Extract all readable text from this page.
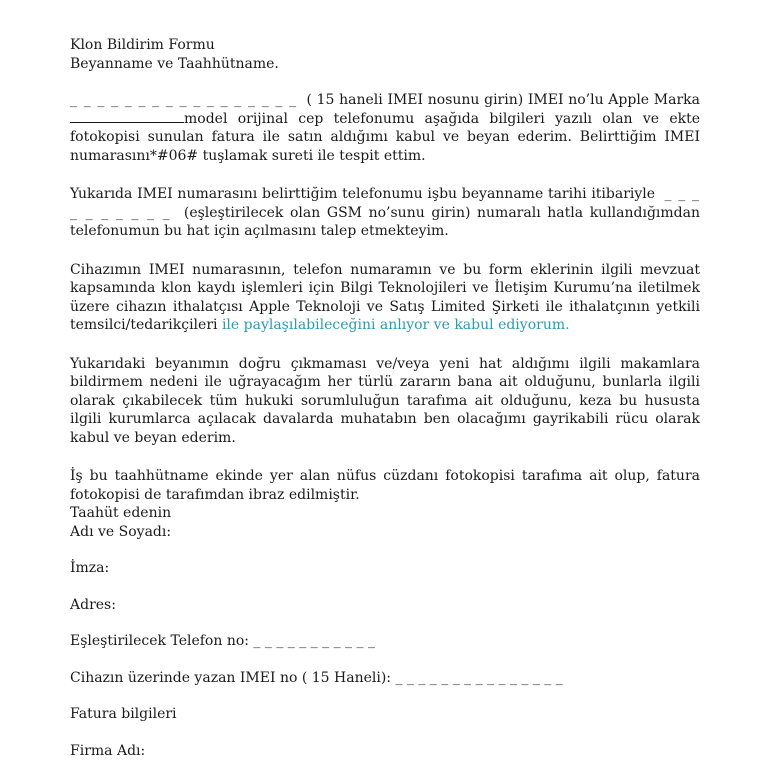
Klon Bildirim Formu

Beyanname ve Taahhütname.

_ _ _ _ _ _ _ _ _ _ _ _ _ _ _ _ _ ( 15 haneli IMEI nosunu girin) IMEI no’lu Apple Marka model orijinal cep telefonumu aşağıda bilgileri yazılı olan ve ekte fotokopisi sunulan fatura ile satın aldığımı kabul ve beyan ederim. Belirttiğim IMEI numarasını*#06# tuşlamak sureti ile tespit ettim.

Yukarıda IMEI numarasını belirttiğim telefonumu işbu beyanname tarihi itibariyle _ _ _ _ _ _ _ _ _ _ (eşleştirilecek olan GSM no’sunu girin) numaralı hatla kullandığımdan telefonumun bu hat için açılmasını talep etmekteyim.

Cihazımın IMEI numarasının, telefon numaramın ve bu form eklerinin ilgili mevzuat kapsamında klon kaydı işlemleri için Bilgi Teknolojileri ve İletişim Kurumu’na iletilmek üzere cihazın ithalatçısı Apple Teknoloji ve Satış Limited Şirketi ile ithalatçının yetkili temsilci/tedarikçileri ile paylaşılabileceğini anlıyor ve kabul ediyorum.

Yukarıdaki beyanımın doğru çıkmaması ve/veya yeni hat aldığımı ilgili makamlara bildirmem nedeni ile uğrayacağım her türlü zararın bana ait olduğunu, bunlarla ilgili olarak çıkabilecek tüm hukuki sorumluluğun tarafıma ait olduğunu, keza bu hususta ilgili kurumlarca açılacak davalarda muhatabın ben olacağımı gayrikabili rücu olarak kabul ve beyan ederim.

İş bu taahhütname ekinde yer alan nüfus cüzdanı fotokopisi tarafıma ait olup, fatura fotokopisi de tarafımdan ibraz edilmiştir.

Taahüt edenin

Adı ve Soyadı:

İmza:

Adres:

Eşleştirilecek Telefon no: _ _ _ _ _ _ _ _ _ _ _

Cihazın üzerinde yazan IMEI no ( 15 Haneli): _ _ _ _ _ _ _ _ _ _ _ _ _ _ _

Fatura bilgileri

Firma Adı:
